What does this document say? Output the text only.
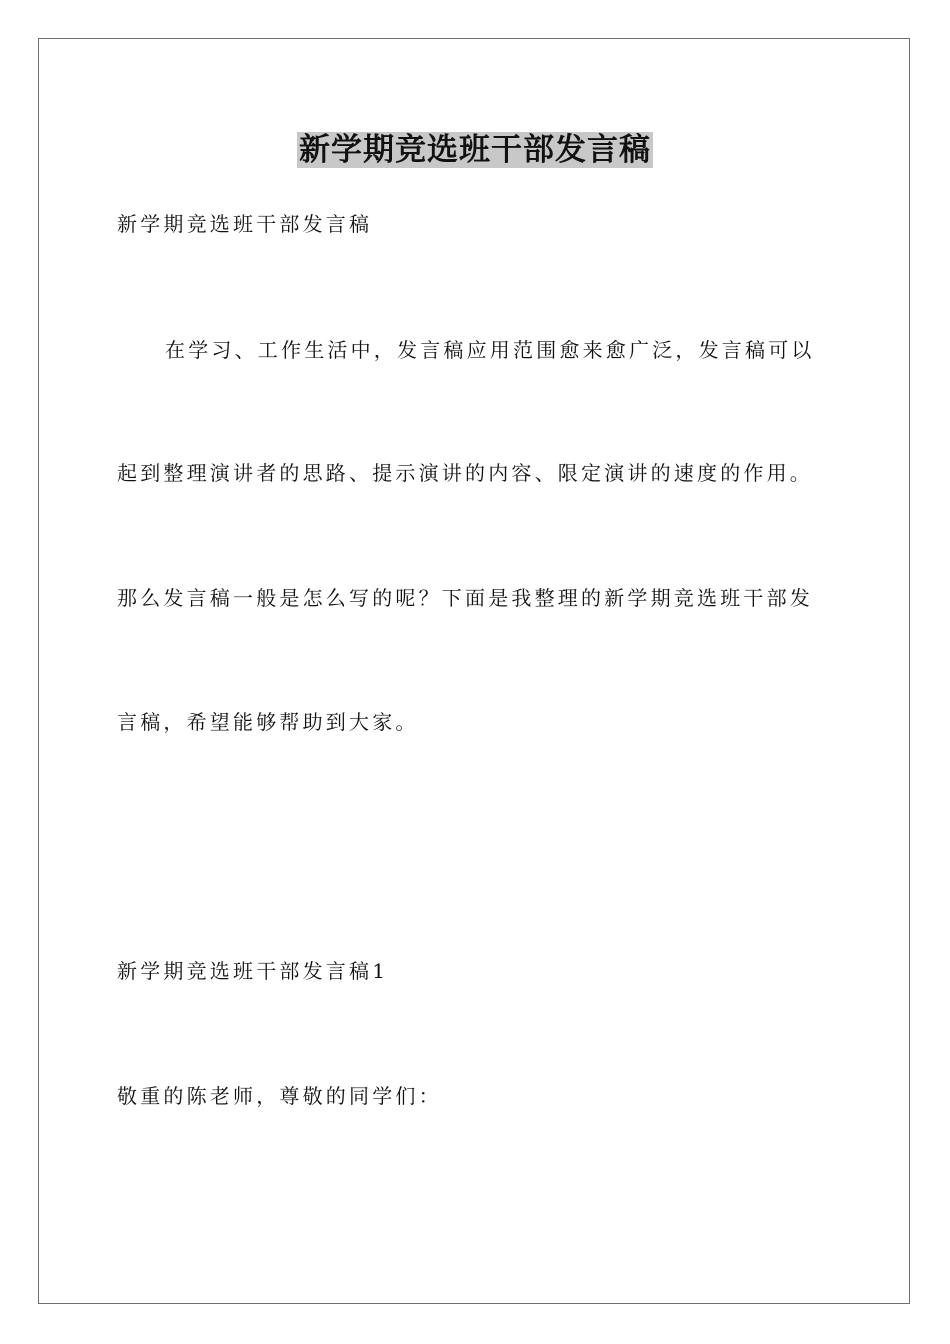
新学期竞选班干部发言稿
新学期竞选班干部发言稿
在学习、工作生活中，发言稿应用范围愈来愈广泛，发言稿可以
起到整理演讲者的思路、提示演讲的内容、限定演讲的速度的作用。
那么发言稿一般是怎么写的呢？下面是我整理的新学期竞选班干部发
言稿，希望能够帮助到大家。
新学期竞选班干部发言稿1
敬重的陈老师，尊敬的同学们：
